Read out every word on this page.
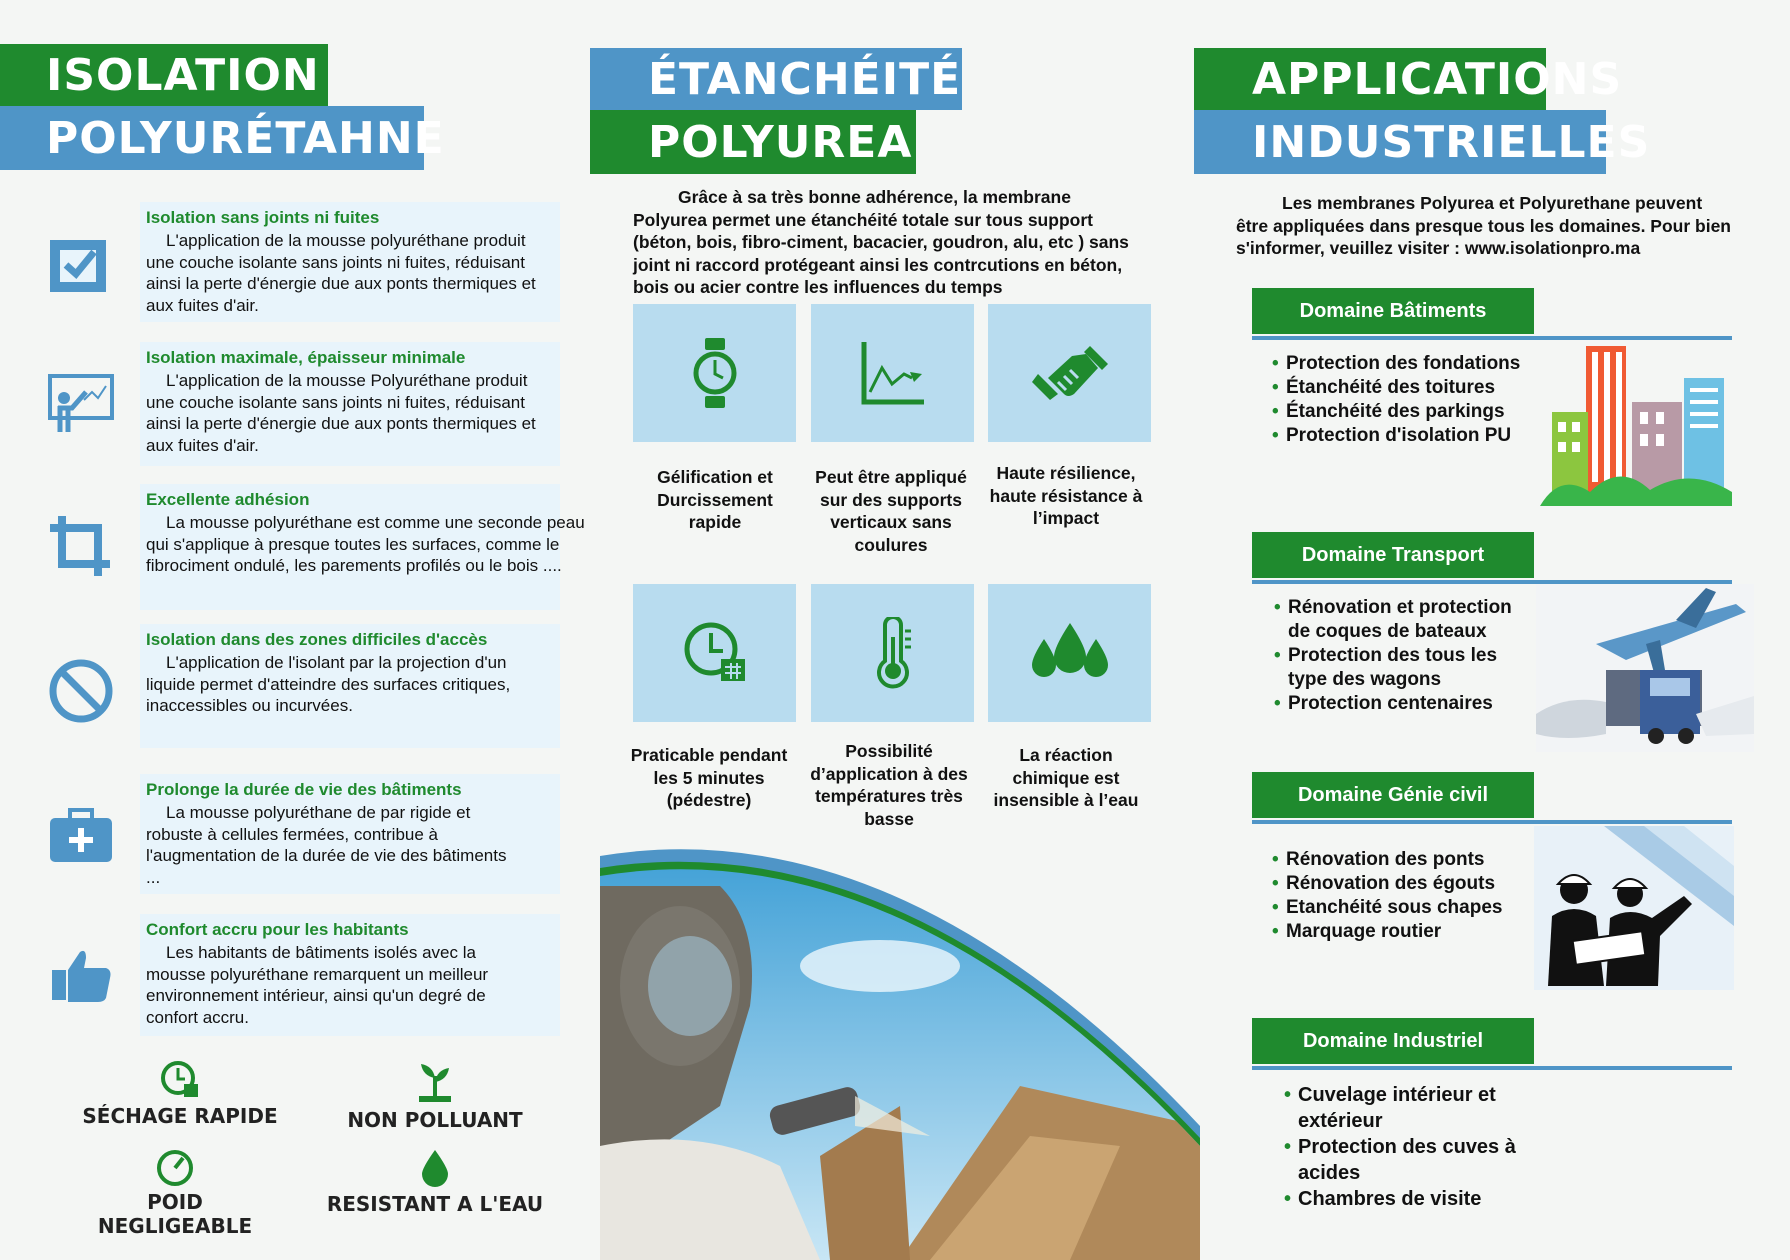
ISOLATION
POLYURÉTAHNE
Isolation sans joints ni fuites

L'application de la mousse polyuréthane produit une couche isolante sans joints ni fuites, réduisant ainsi la perte d'énergie due aux ponts thermiques et aux fuites d'air.

Isolation maximale, épaisseur minimale

L'application de la mousse Polyuréthane produit une couche isolante sans joints ni fuites, réduisant ainsi la perte d'énergie due aux ponts thermiques et aux fuites d'air.

Excellente adhésion

La mousse polyuréthane est comme une seconde peau qui s'applique à presque toutes les surfaces, comme le fibrociment ondulé, les parements profilés ou le bois ....

Isolation dans des zones difficiles d'accès

L'application de l'isolant par la projection d'un liquide permet d'atteindre des surfaces critiques, inaccessibles ou incurvées.

Prolonge la durée de vie des bâtiments

La mousse polyuréthane de par rigide et robuste à cellules fermées, contribue à l'augmentation de la durée de vie des bâtiments ...

Confort accru pour les habitants

Les habitants de bâtiments isolés avec la mousse polyuréthane remarquent un meilleur environnement intérieur, ainsi qu'un degré de confort accru.

SÉCHAGE RAPIDE	NON POLLUANT
POID NEGLIGEABLE
RESISTANT A L'EAU
ÉTANCHÉITÉ
POLYUREA
Grâce à sa très bonne adhérence, la membrane
Polyurea permet une étanchéité totale sur tous support (béton, bois, fibro-ciment, bacacier, goudron, alu, etc ) sans joint ni raccord protégeant ainsi les contrcutions en béton, bois ou acier contre les influences du temps
Gélification et Durcissement rapide
Peut être appliqué sur des supports verticaux sans coulures
Haute résilience, haute résistance à l’impact
Praticable pendant les 5 minutes (pédestre)
Possibilité d’application à des températures très basse
La réaction chimique est insensible à l’eau
APPLICATIONS
INDUSTRIELLES
Les membranes Polyurea et Polyurethane peuvent
être appliquées dans presque tous les domaines. Pour bien s'informer, veuillez visiter : www.isolationpro.ma
Domaine Bâtiments
• Protection des fondations
• Étanchéité des toitures
• Étanchéité des parkings
• Protection d'isolation PU
Domaine Transport
• Rénovation et protection de coques de bateaux
• Protection des tous les type des wagons
• Protection centenaires
Domaine Génie civil
• Rénovation des ponts
• Rénovation des égouts
• Etanchéité sous chapes
• Marquage routier
Domaine Industriel
• Cuvelage intérieur et extérieur
• Protection des cuves à acides
• Chambres de visite
